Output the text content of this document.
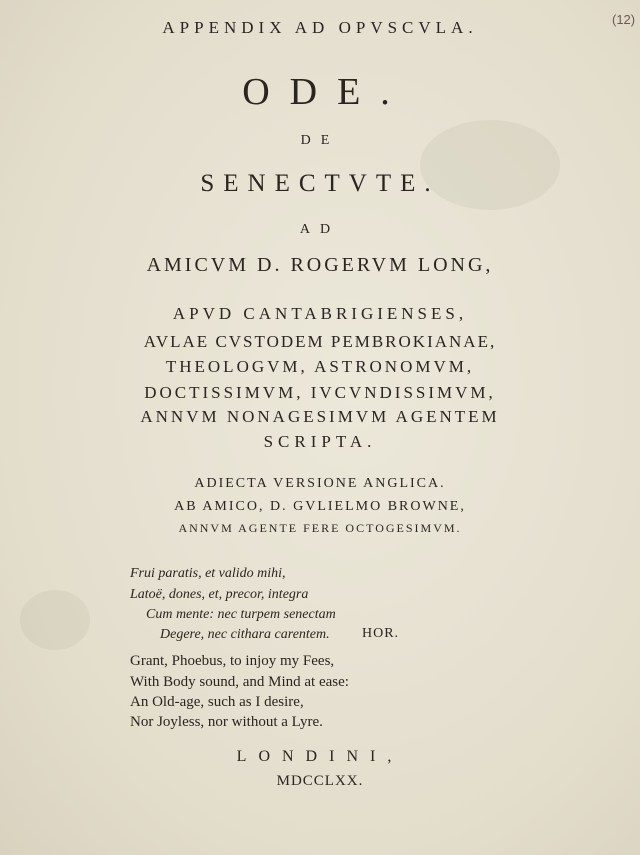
(12)
APPENDIX AD OPVSCVLA.
ODE.
DE
SENECTVTE.
AD
AMICVM D. ROGERVM LONG,
APVD CANTABRIGIENSES,
AVLAE CVSTODEM PEMBROKIANAE,
THEOLOGVM, ASTRONOMVM,
DOCTISSIMVM, IVCVNDISSIMVM,
ANNVM NONAGESIMVM AGENTEM
SCRIPTA.
ADIECTA VERSIONE ANGLICA.
AB AMICO, D. GVLIELMO BROWNE,
ANNVM AGENTE FERE OCTOGESIMVM.
Frui paratis, et valido mihi,
Latoë, dones, et, precor, integra
Cum mente: nec turpem senectam
Degere, nec cithara carentem. HOR.
Grant, Phoebus, to injoy my Fees,
With Body sound, and Mind at ease:
An Old-age, such as I desire,
Nor Joyless, nor without a Lyre.
LONDINI,
MDCCLXX.
